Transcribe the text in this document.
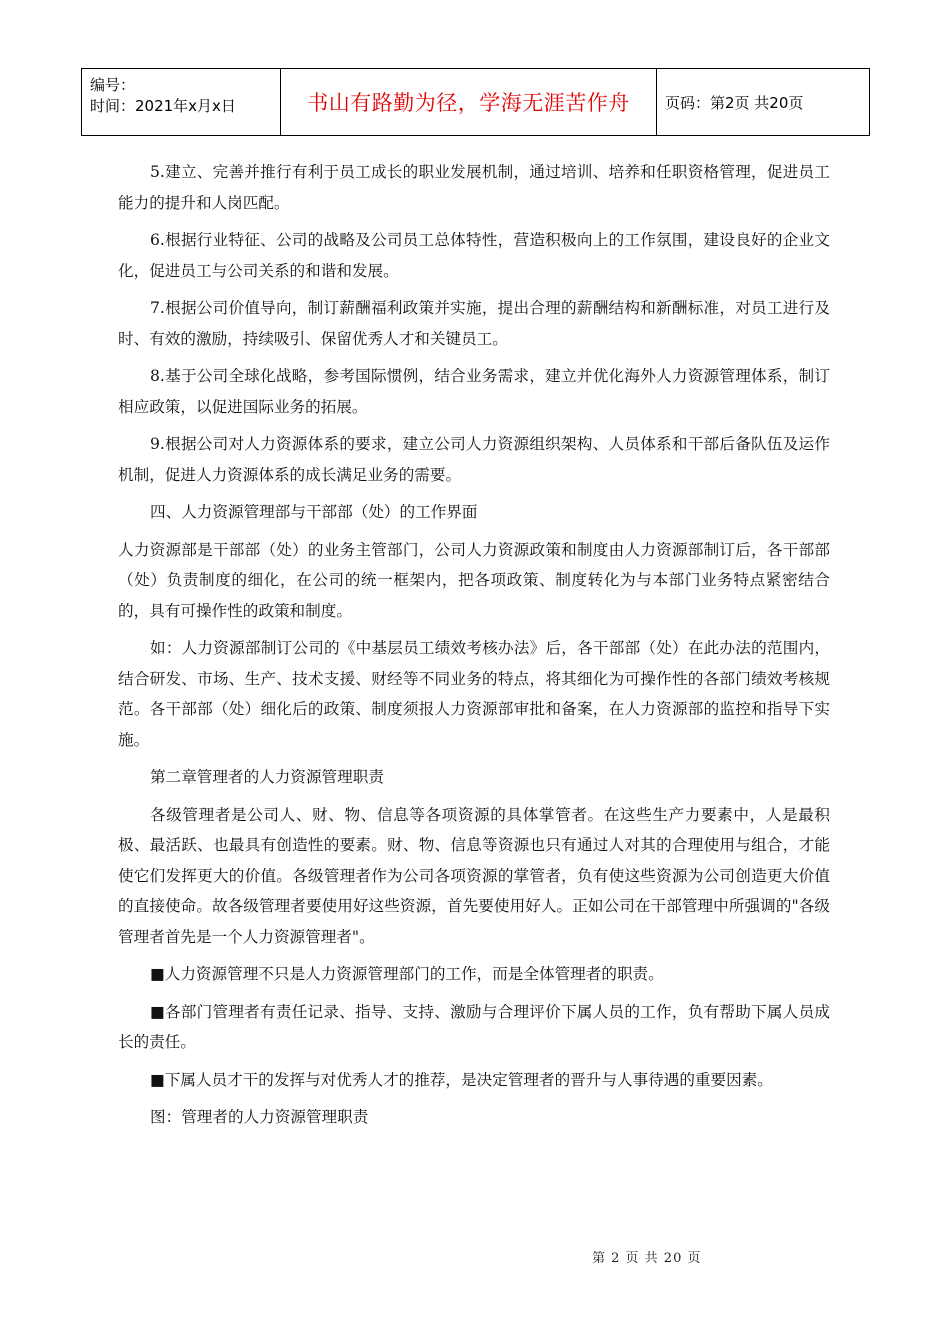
编号：
时间：2021年x月x日	书山有路勤为径，学海无涯苦作舟	页码：第2页 共20页

5.建立、完善并推行有利于员工成长的职业发展机制，通过培训、培养和任职资格管理，促进员工能力的提升和人岗匹配。

6.根据行业特征、公司的战略及公司员工总体特性，营造积极向上的工作氛围，建设良好的企业文化，促进员工与公司关系的和谐和发展。

7.根据公司价值导向，制订薪酬福利政策并实施，提出合理的薪酬结构和新酬标准，对员工进行及时、有效的激励，持续吸引、保留优秀人才和关键员工。

8.基于公司全球化战略，参考国际惯例，结合业务需求，建立并优化海外人力资源管理体系，制订相应政策，以促进国际业务的拓展。

9.根据公司对人力资源体系的要求，建立公司人力资源组织架构、人员体系和干部后备队伍及运作机制，促进人力资源体系的成长满足业务的需要。

四、人力资源管理部与干部部（处）的工作界面

人力资源部是干部部（处）的业务主管部门，公司人力资源政策和制度由人力资源部制订后，各干部部（处）负责制度的细化，在公司的统一框架内，把各项政策、制度转化为与本部门业务特点紧密结合的，具有可操作性的政策和制度。

如：人力资源部制订公司的《中基层员工绩效考核办法》后，各干部部（处）在此办法的范围内，结合研发、市场、生产、技术支援、财经等不同业务的特点，将其细化为可操作性的各部门绩效考核规范。各干部部（处）细化后的政策、制度须报人力资源部审批和备案，在人力资源部的监控和指导下实施。

第二章管理者的人力资源管理职责

各级管理者是公司人、财、物、信息等各项资源的具体掌管者。在这些生产力要素中，人是最积极、最活跃、也最具有创造性的要素。财、物、信息等资源也只有通过人对其的合理使用与组合，才能使它们发挥更大的价值。各级管理者作为公司各项资源的掌管者，负有使这些资源为公司创造更大价值的直接使命。故各级管理者要使用好这些资源，首先要使用好人。正如公司在干部管理中所强调的"各级管理者首先是一个人力资源管理者"。

■人力资源管理不只是人力资源管理部门的工作，而是全体管理者的职责。

■各部门管理者有责任记录、指导、支持、激励与合理评价下属人员的工作，负有帮助下属人员成长的责任。

■下属人员才干的发挥与对优秀人才的推荐，是决定管理者的晋升与人事待遇的重要因素。

图：管理者的人力资源管理职责

第 2 页 共 20 页
